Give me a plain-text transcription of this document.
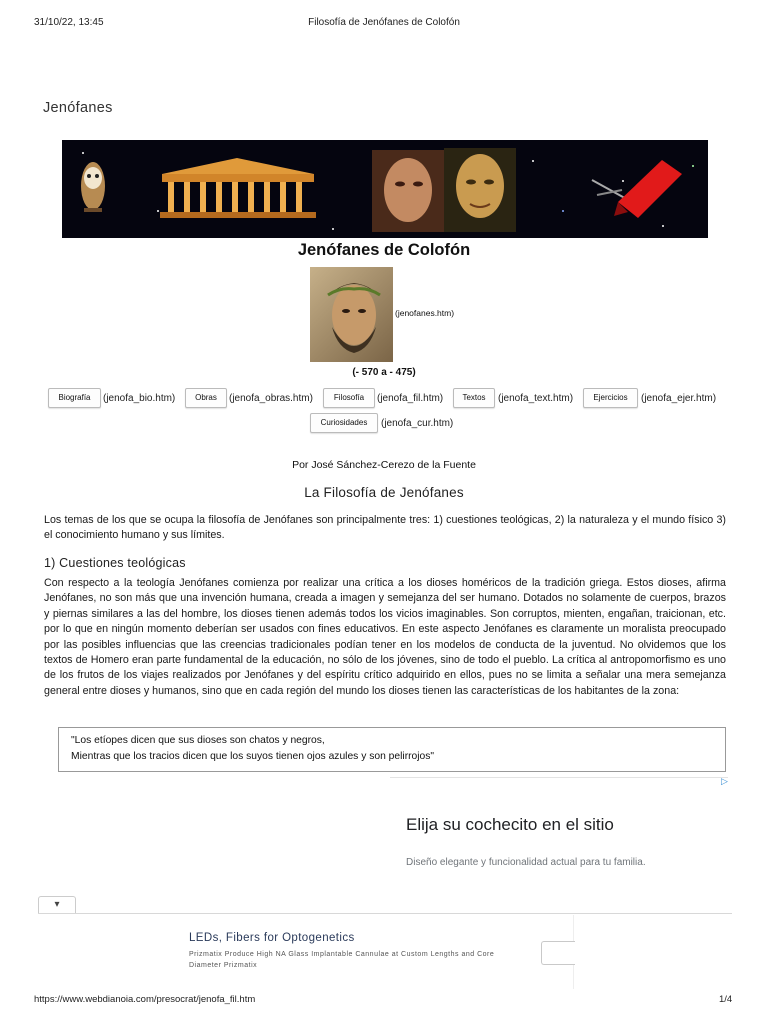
31/10/22, 13:45	Filosofía de Jenófanes de Colofón
Jenófanes
Jenófanes de Colofón
(jenofanes.htm)
(- 570 a - 475)
Biografía	(jenofa_bio.htm)	Obras	(jenofa_obras.htm)	Filosofía	(jenofa_fil.htm)	Textos	(jenofa_text.htm)	Ejercicios	(jenofa_ejer.htm)
Curiosidades	(jenofa_cur.htm)
Por José Sánchez-Cerezo de la Fuente
La Filosofía de Jenófanes
Los temas de los que se ocupa la filosofía de Jenófanes son principalmente tres: 1) cuestiones teológicas, 2) la naturaleza y el mundo físico 3) el conocimiento humano y sus límites.
1) Cuestiones teológicas
Con respecto a la teología Jenófanes comienza por realizar una crítica a los dioses homéricos de la tradición griega. Estos dioses, afirma Jenófanes, no son más que una invención humana, creada a imagen y semejanza del ser humano. Dotados no solamente de cuerpos, brazos y piernas similares a las del hombre, los dioses tienen además todos los vicios imaginables. Son corruptos, mienten, engañan, traicionan, etc. por lo que en ningún momento deberían ser usados con fines educativos. En este aspecto Jenófanes es claramente un moralista preocupado por las posibles influencias que las creencias tradicionales podían tener en los modelos de conducta de la juventud. No olvidemos que los textos de Homero eran parte fundamental de la educación, no sólo de los jóvenes, sino de todo el pueblo. La crítica al antropomorfismo es uno de los frutos de los viajes realizados por Jenófanes y del espíritu crítico adquirido en ellos, pues no se limita a señalar una mera semejanza general entre dioses y humanos, sino que en cada región del mundo los dioses tienen las características de los habitantes de la zona:
"Los etíopes dicen que sus dioses son chatos y negros,
Mientras que los tracios dicen que los suyos tienen ojos azules y son pelirrojos"
▷
Elija su cochecito en el sitio
Diseño elegante y funcionalidad actual para tu familia.
▾
LEDs, Fibers for Optogenetics
Prizmatix Produce High NA Glass Implantable Cannulae at Custom Lengths and Core Diameter Prizmatix
https://www.webdianoia.com/presocrat/jenofa_fil.htm	1/4
